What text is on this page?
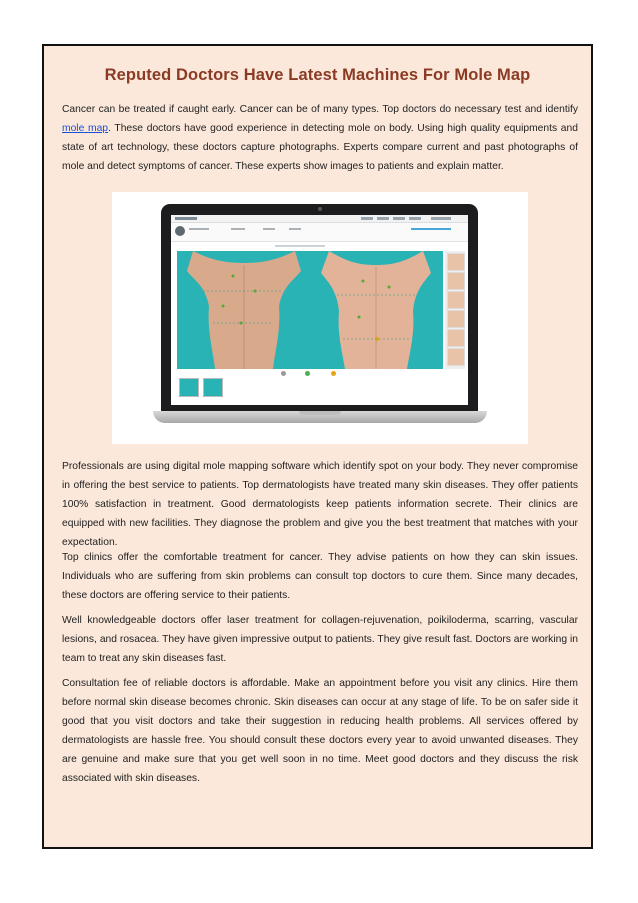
Reputed Doctors Have Latest Machines For Mole Map

Cancer can be treated if caught early. Cancer can be of many types. Top doctors do necessary test and identify mole map. These doctors have good experience in detecting mole on body. Using high quality equipments and state of art technology, these doctors capture photographs. Experts compare current and past photographs of mole and detect symptoms of cancer. These experts show images to patients and explain matter.

Professionals are using digital mole mapping software which identify spot on your body. They never compromise in offering the best service to patients. Top dermatologists have treated many skin diseases. They offer patients 100% satisfaction in treatment. Good dermatologists keep patients information secrete. Their clinics are equipped with new facilities. They diagnose the problem and give you the best treatment that matches with your expectation.

Top clinics offer the comfortable treatment for cancer. They advise patients on how they can skin issues. Individuals who are suffering from skin problems can consult top doctors to cure them. Since many decades, these doctors are offering service to their patients.

Well knowledgeable doctors offer laser treatment for collagen-rejuvenation, poikiloderma, scarring, vascular lesions, and rosacea. They have given impressive output to patients. They give result fast. Doctors are working in team to treat any skin diseases fast.

Consultation fee of reliable doctors is affordable. Make an appointment before you visit any clinics. Hire them before normal skin disease becomes chronic. Skin diseases can occur at any stage of life. To be on safer side it good that you visit doctors and take their suggestion in reducing health problems. All services offered by dermatologists are hassle free. You should consult these doctors every year to avoid unwanted diseases. They are genuine and make sure that you get well soon in no time. Meet good doctors and they discuss the risk associated with skin diseases.
